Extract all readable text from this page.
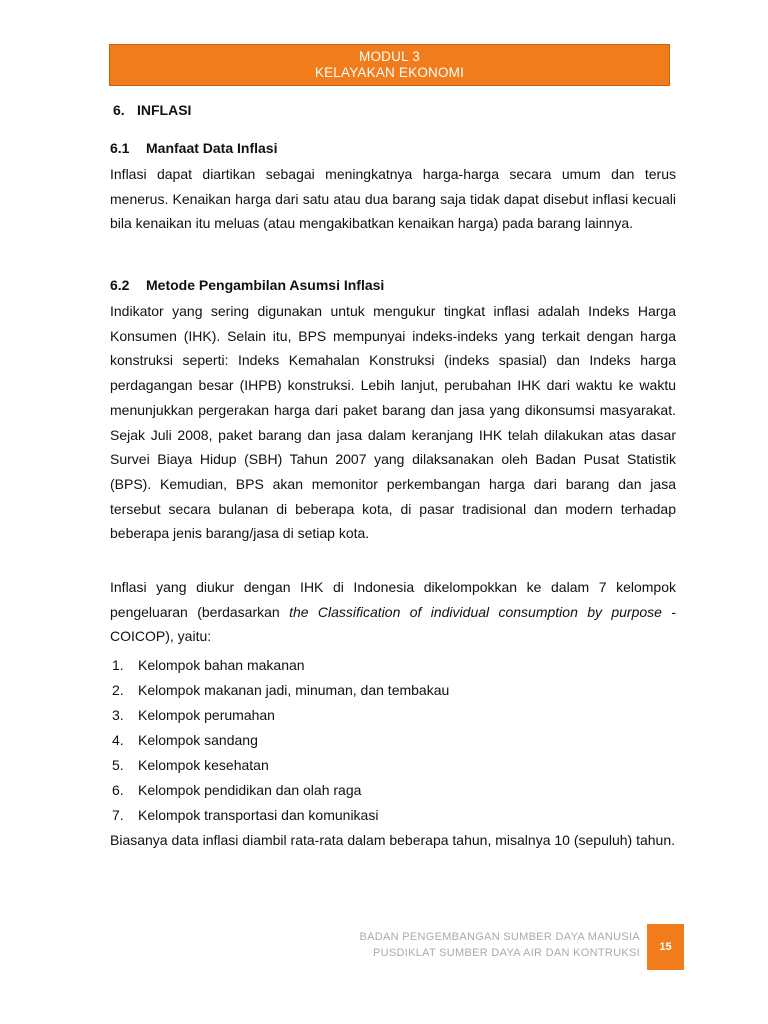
MODUL 3
KELAYAKAN EKONOMI
6. INFLASI
6.1 Manfaat Data Inflasi

Inflasi dapat diartikan sebagai meningkatnya harga-harga secara umum dan terus menerus. Kenaikan harga dari satu atau dua barang saja tidak dapat disebut inflasi kecuali bila kenaikan itu meluas (atau mengakibatkan kenaikan harga) pada barang lainnya.

6.2 Metode Pengambilan Asumsi Inflasi

Indikator yang sering digunakan untuk mengukur tingkat inflasi adalah Indeks Harga Konsumen (IHK). Selain itu, BPS mempunyai indeks-indeks yang terkait dengan harga konstruksi seperti: Indeks Kemahalan Konstruksi (indeks spasial) dan Indeks harga perdagangan besar (IHPB) konstruksi. Lebih lanjut, perubahan IHK dari waktu ke waktu menunjukkan pergerakan harga dari paket barang dan jasa yang dikonsumsi masyarakat. Sejak Juli 2008, paket barang dan jasa dalam keranjang IHK telah dilakukan atas dasar Survei Biaya Hidup (SBH) Tahun 2007 yang dilaksanakan oleh Badan Pusat Statistik (BPS). Kemudian, BPS akan memonitor perkembangan harga dari barang dan jasa tersebut secara bulanan di beberapa kota, di pasar tradisional dan modern terhadap beberapa jenis barang/jasa di setiap kota.

Inflasi yang diukur dengan IHK di Indonesia dikelompokkan ke dalam 7 kelompok pengeluaran (berdasarkan the Classification of individual consumption by purpose - COICOP), yaitu:

1. Kelompok bahan makanan
2. Kelompok makanan jadi, minuman, dan tembakau
3. Kelompok perumahan
4. Kelompok sandang
5. Kelompok kesehatan
6. Kelompok pendidikan dan olah raga
7. Kelompok transportasi dan komunikasi

Biasanya data inflasi diambil rata-rata dalam beberapa tahun, misalnya 10 (sepuluh) tahun.

BADAN PENGEMBANGAN SUMBER DAYA MANUSIA
PUSDIKLAT SUMBER DAYA AIR DAN KONTRUKSI 15
